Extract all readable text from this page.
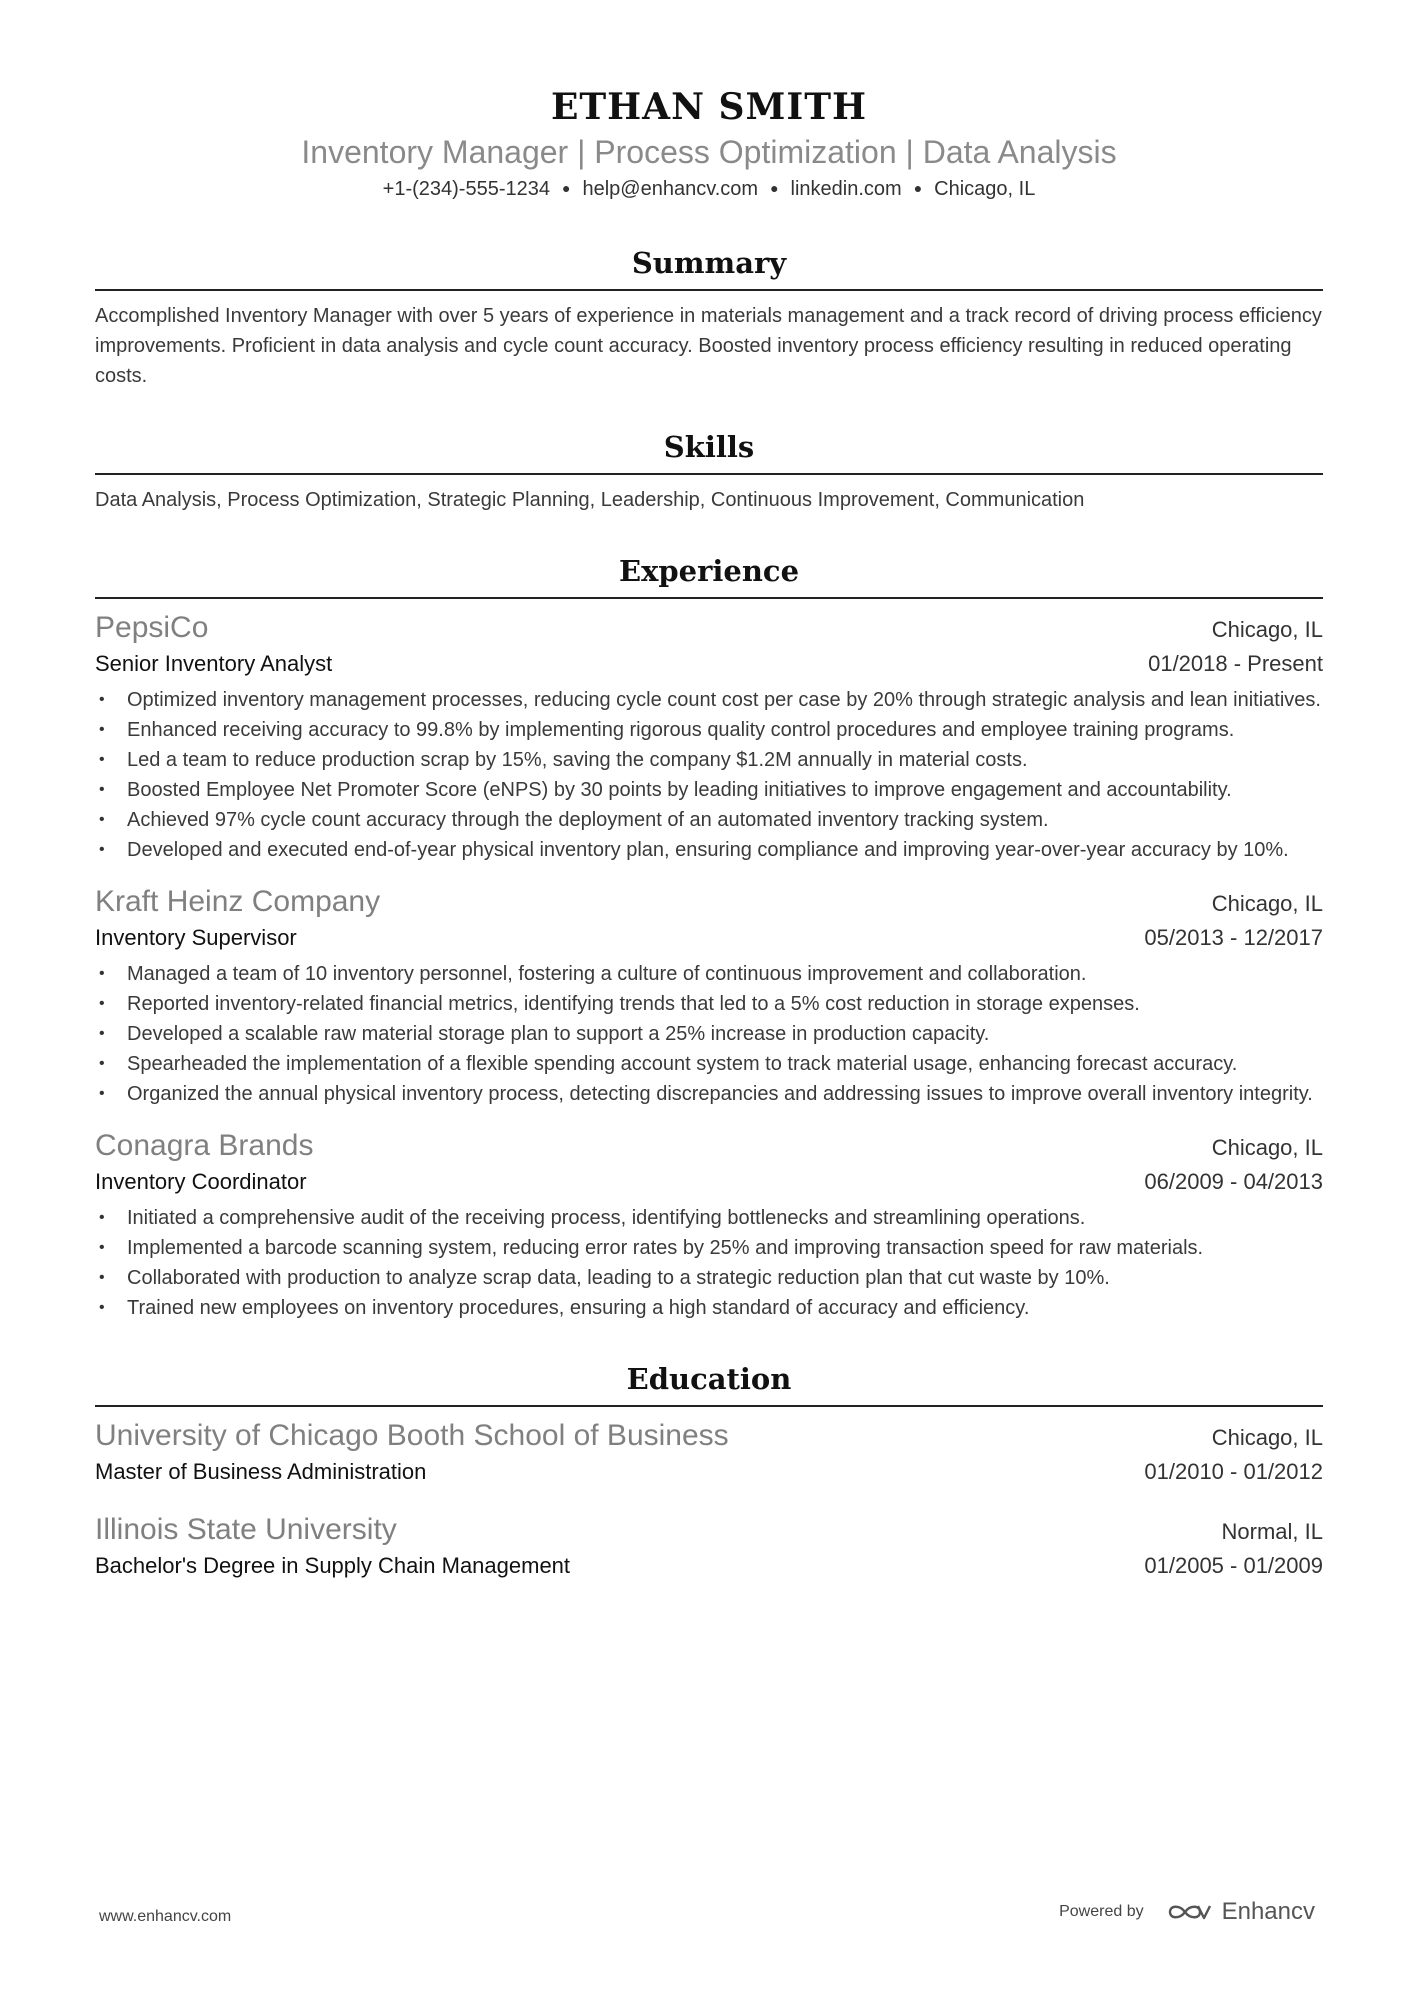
ETHAN SMITH
Inventory Manager | Process Optimization | Data Analysis
+1-(234)-555-1234 ● help@enhancv.com ● linkedin.com ● Chicago, IL
Summary

Accomplished Inventory Manager with over 5 years of experience in materials management and a track record of driving process efficiency improvements. Proficient in data analysis and cycle count accuracy. Boosted inventory process efficiency resulting in reduced operating costs.

Skills

Data Analysis, Process Optimization, Strategic Planning, Leadership, Continuous Improvement, Communication

Experience
PepsiCo	Chicago, IL
Senior Inventory Analyst	01/2018 - Present
• Optimized inventory management processes, reducing cycle count cost per case by 20% through strategic analysis and lean initiatives.
• Enhanced receiving accuracy to 99.8% by implementing rigorous quality control procedures and employee training programs.
• Led a team to reduce production scrap by 15%, saving the company $1.2M annually in material costs.
• Boosted Employee Net Promoter Score (eNPS) by 30 points by leading initiatives to improve engagement and accountability.
• Achieved 97% cycle count accuracy through the deployment of an automated inventory tracking system.
• Developed and executed end-of-year physical inventory plan, ensuring compliance and improving year-over-year accuracy by 10%.
Kraft Heinz Company	Chicago, IL
Inventory Supervisor	05/2013 - 12/2017
• Managed a team of 10 inventory personnel, fostering a culture of continuous improvement and collaboration.
• Reported inventory-related financial metrics, identifying trends that led to a 5% cost reduction in storage expenses.
• Developed a scalable raw material storage plan to support a 25% increase in production capacity.
• Spearheaded the implementation of a flexible spending account system to track material usage, enhancing forecast accuracy.
• Organized the annual physical inventory process, detecting discrepancies and addressing issues to improve overall inventory integrity.
Conagra Brands	Chicago, IL
Inventory Coordinator	06/2009 - 04/2013
• Initiated a comprehensive audit of the receiving process, identifying bottlenecks and streamlining operations.
• Implemented a barcode scanning system, reducing error rates by 25% and improving transaction speed for raw materials.
• Collaborated with production to analyze scrap data, leading to a strategic reduction plan that cut waste by 10%.
• Trained new employees on inventory procedures, ensuring a high standard of accuracy and efficiency.
Education
University of Chicago Booth School of Business	Chicago, IL
Master of Business Administration	01/2010 - 01/2012
Illinois State University	Normal, IL
Bachelor's Degree in Supply Chain Management	01/2005 - 01/2009
www.enhancv.com	Powered by	Enhancv
